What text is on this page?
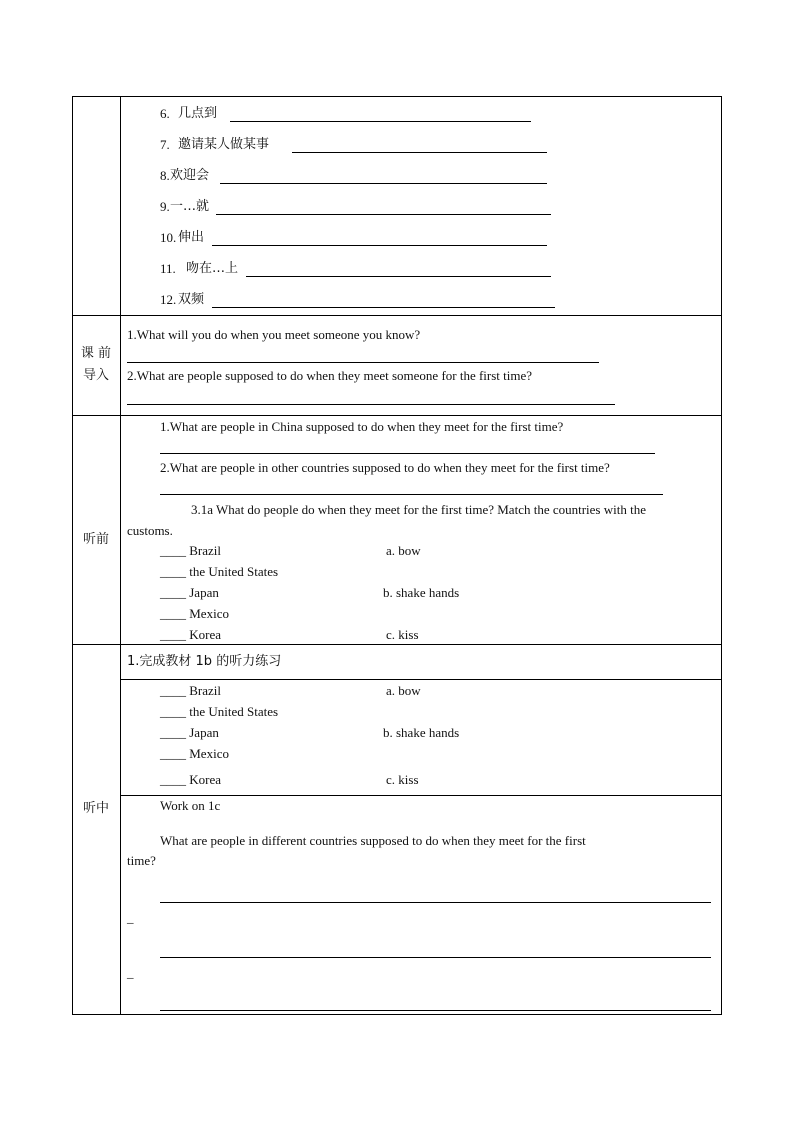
6. 几点到
7. 邀请某人做某事
8. 欢迎会
9. 一…就
10. 伸出
11. 吻在…上
12. 双频
课 前
导入
1.What will you do when you meet someone you know?
2.What are people supposed to do when they meet someone for the first time?
听前
1.What are people in China supposed to do when they meet for the first time?
2.What are people in other countries supposed to do when they meet for the first time?
3.1a What do people do when they meet for the first time? Match the countries with the
customs.
____ Brazil
____ the United States
____ Japan
____ Mexico
____ Korea
a. bow
b. shake hands
c. kiss
听中
1.完成教材 1b 的听力练习
____ Brazil
____ the United States
____ Japan
____ Mexico
____ Korea
a. bow
b. shake hands
c. kiss
Work on 1c
What are people in different countries supposed to do when they meet for the first
time?
_
_
